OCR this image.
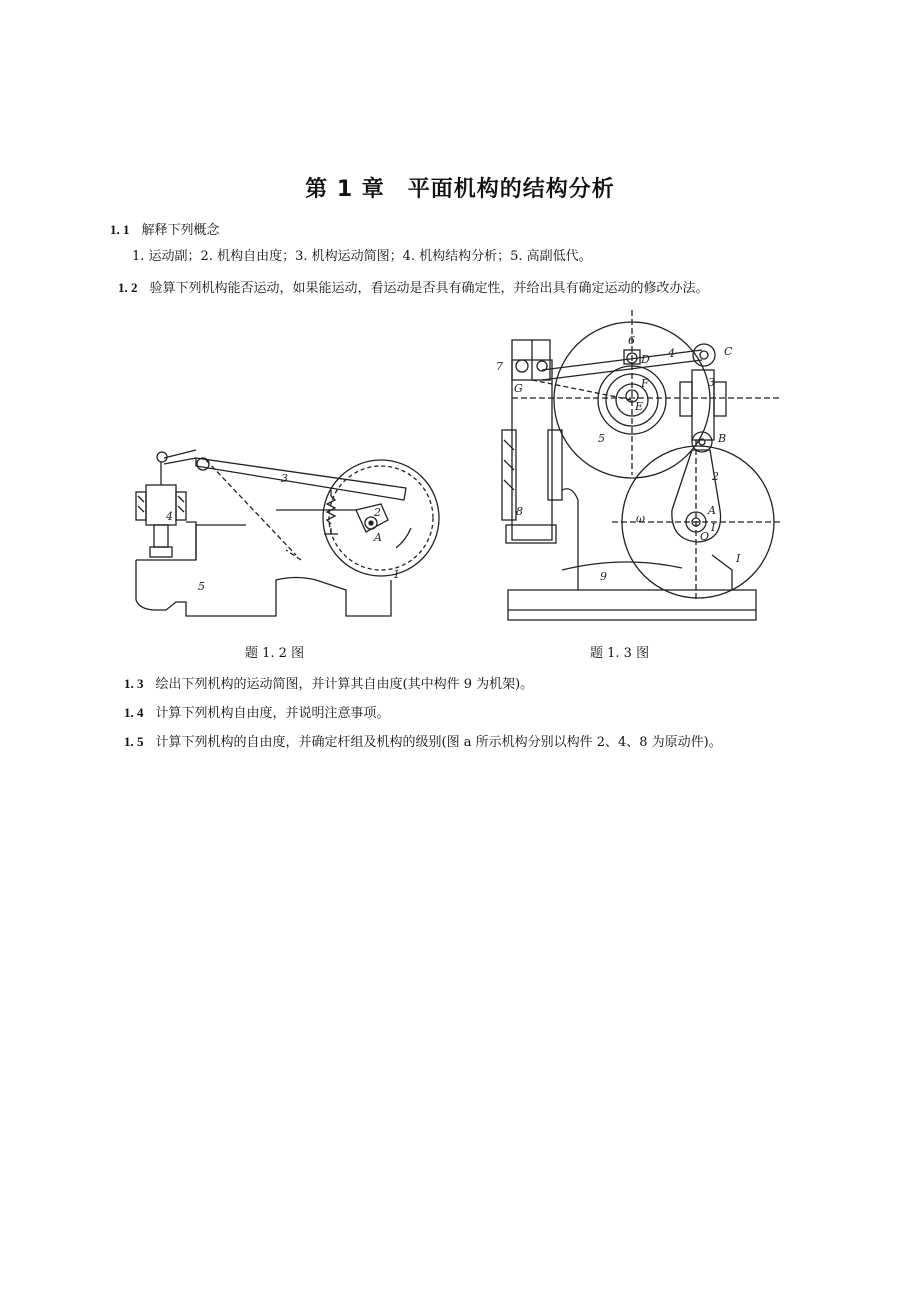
第 1 章　平面机构的结构分析
1. 1 解释下列概念
1. 运动副；2. 机构自由度；3. 机构运动简图；4. 机构结构分析；5. 高副低代。
1. 2 验算下列机构能否运动，如果能运动，看运动是否具有确定性，并给出具有确定运动的修改办法。
2
A
3
4
5
1
6
4	C
D
F
E
7
G	3
5	B
2
8
ω
A
I
O
I
9
题 1. 2 图	题 1. 3 图
1. 3 绘出下列机构的运动简图，并计算其自由度(其中构件 9 为机架)。
1. 4 计算下列机构自由度，并说明注意事项。
1. 5 计算下列机构的自由度，并确定杆组及机构的级别(图 a 所示机构分别以构件 2、4、8 为原动件)。
